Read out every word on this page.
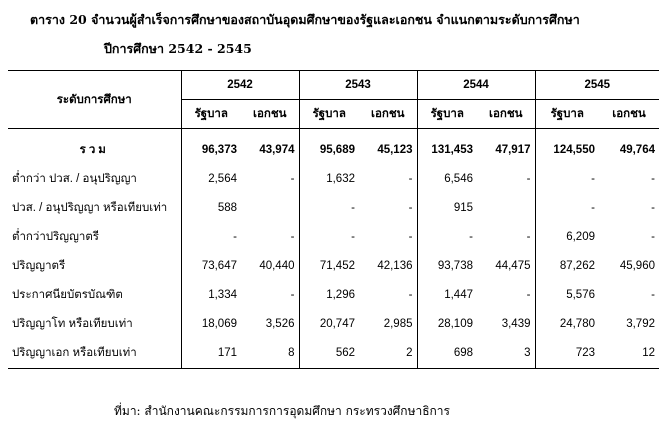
ตาราง 20 จำนวนผู้สำเร็จการศึกษาของสถาบันอุดมศึกษาของรัฐและเอกชน จำแนกตามระดับการศึกษา
ปีการศึกษา 2542 - 2545
ระดับการศึกษา	2542		2543		2544		2545	
	รัฐบาล	เอกชน	รัฐบาล	เอกชน	รัฐบาล	เอกชน	รัฐบาล	เอกชน
รวม	96,373	43,974	95,689	45,123	131,453	47,917	124,550	49,764
ต่ำกว่า ปวส. / อนุปริญญา	2,564	-	1,632	-	6,546	-	-	-
ปวส. / อนุปริญญา หรือเทียบเท่า	588		-	-	915		-	-
ต่ำกว่าปริญญาตรี	-	-	-	-	-	-	6,209	-
ปริญญาตรี	73,647	40,440	71,452	42,136	93,738	44,475	87,262	45,960
ประกาศนียบัตรบัณฑิต	1,334	-	1,296	-	1,447	-	5,576	-
ปริญญาโท หรือเทียบเท่า	18,069	3,526	20,747	2,985	28,109	3,439	24,780	3,792
ปริญญาเอก หรือเทียบเท่า	171	8	562	2	698	3	723	12
ที่มา: สำนักงานคณะกรรมการการอุดมศึกษา กระทรวงศึกษาธิการ
